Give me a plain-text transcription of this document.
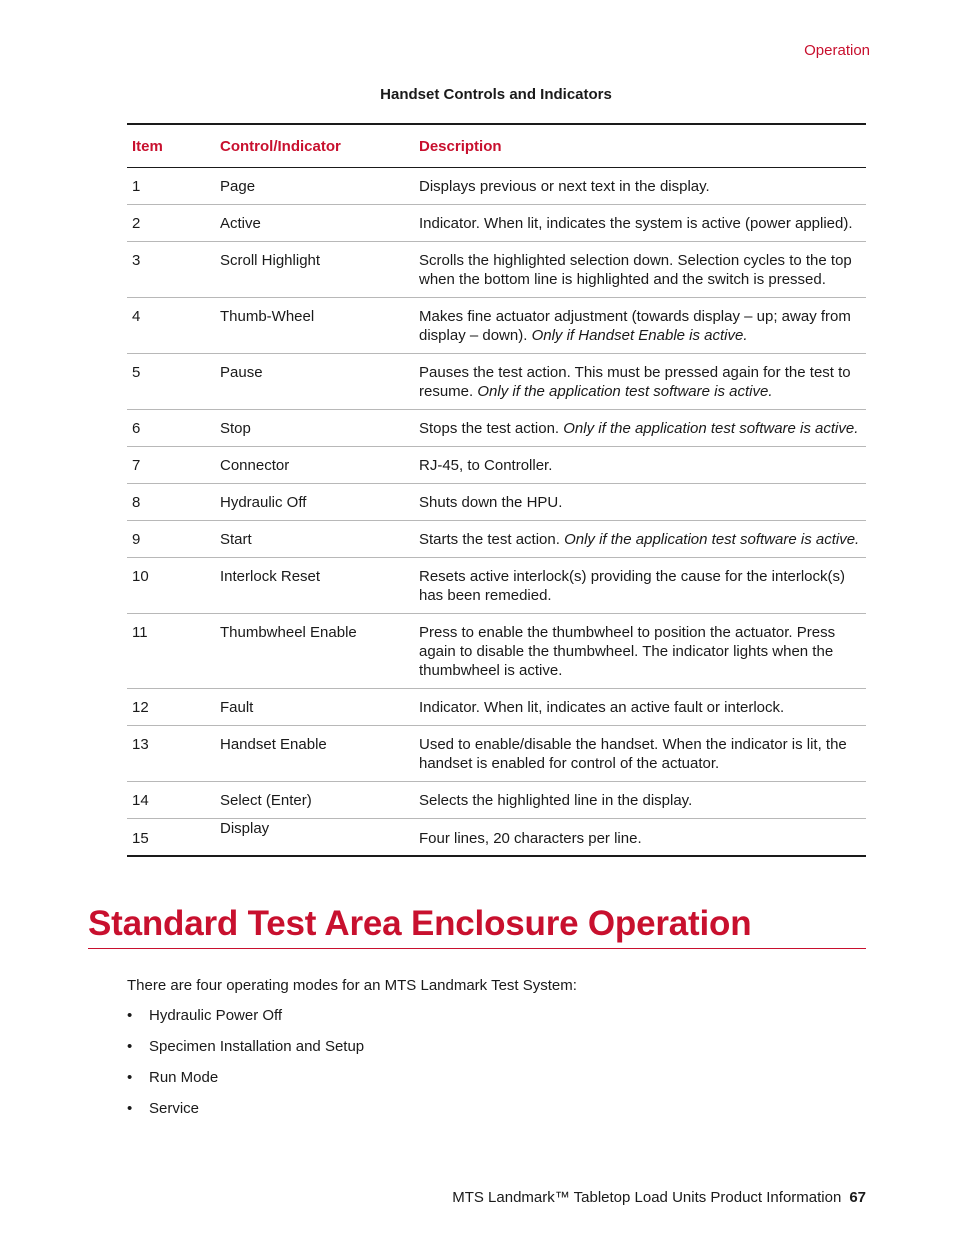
Operation
Handset Controls and Indicators
Item	Control/Indicator	Description
1	Page	Displays previous or next text in the display.
2	Active	Indicator. When lit, indicates the system is active (power applied).
3	Scroll Highlight	Scrolls the highlighted selection down. Selection cycles to the top when the bottom line is highlighted and the switch is pressed.
4	Thumb-Wheel	Makes fine actuator adjustment (towards display – up; away from display – down). Only if Handset Enable is active.
5	Pause	Pauses the test action. This must be pressed again for the test to resume. Only if the application test software is active.
6	Stop	Stops the test action. Only if the application test software is active.
7	Connector	RJ-45, to Controller.
8	Hydraulic Off	Shuts down the HPU.
9	Start	Starts the test action. Only if the application test software is active.
10	Interlock Reset	Resets active interlock(s) providing the cause for the interlock(s) has been remedied.
11	Thumbwheel Enable	Press to enable the thumbwheel to position the actuator. Press again to disable the thumbwheel. The indicator lights when the thumbwheel is active.
12	Fault	Indicator. When lit, indicates an active fault or interlock.
13	Handset Enable	Used to enable/disable the handset. When the indicator is lit, the handset is enabled for control of the actuator.
14	Select (Enter)	Selects the highlighted line in the display.
15	Display	Four lines, 20 characters per line.
Standard Test Area Enclosure Operation

There are four operating modes for an MTS Landmark Test System:

•	Hydraulic Power Off
•	Specimen Installation and Setup
•	Run Mode
•	Service
MTS Landmark™ Tabletop Load Units Product Information 67
